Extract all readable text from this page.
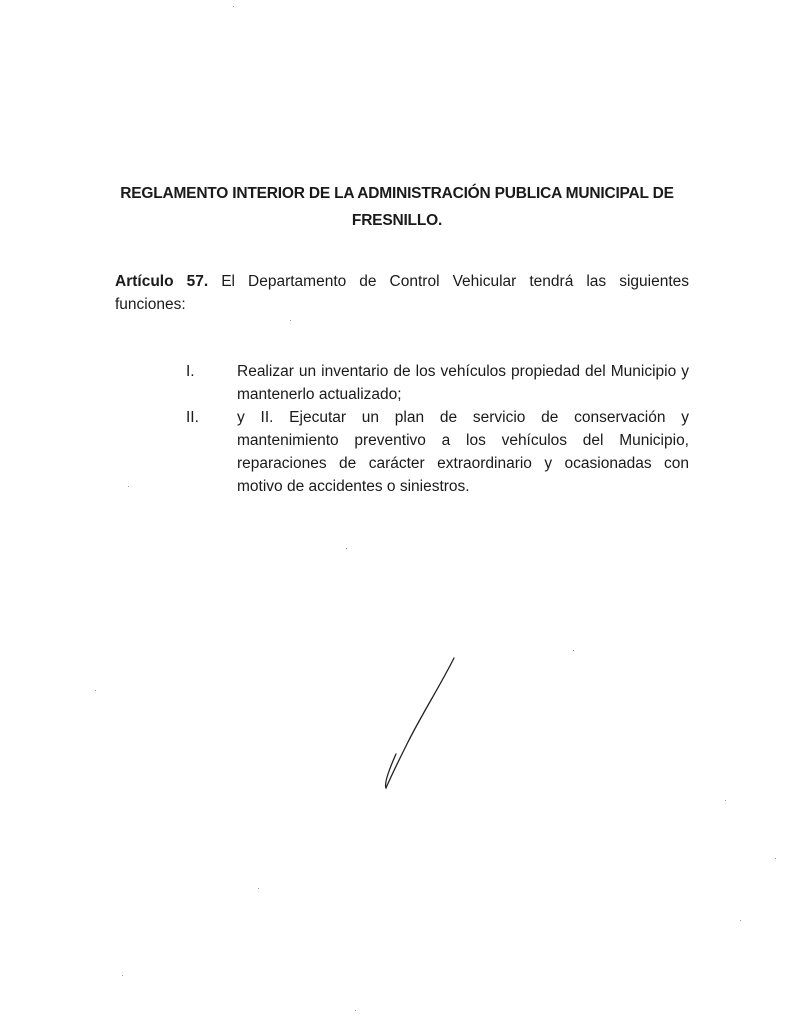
REGLAMENTO INTERIOR DE LA ADMINISTRACIÓN PUBLICA MUNICIPAL DE
FRESNILLO.
Artículo 57. El Departamento de Control Vehicular tendrá las siguientes
funciones:
I.	Realizar un inventario de los vehículos propiedad del Municipio y mantenerlo actualizado;
II.	y II. Ejecutar un plan de servicio de conservación y mantenimiento preventivo a los vehículos del Municipio, reparaciones de carácter extraordinario y ocasionadas con motivo de accidentes o siniestros.
